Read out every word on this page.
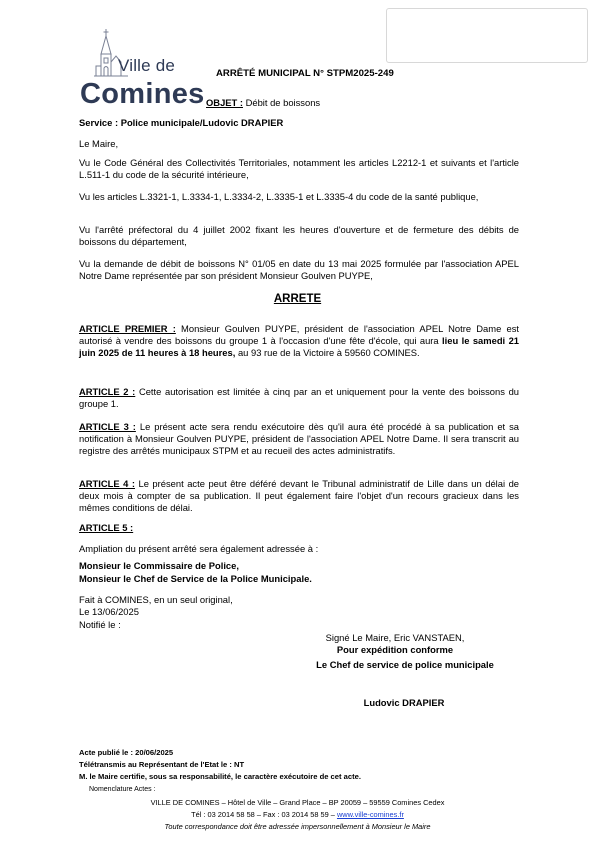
Ville de
Comines
ARRÊTÉ MUNICIPAL N° STPM2025-249
OBJET : Débit de boissons
Service : Police municipale/Ludovic DRAPIER
Le Maire,

Vu le Code Général des Collectivités Territoriales, notamment les articles L2212-1 et suivants et l'article L.511-1 du code de la sécurité intérieure,

Vu les articles L.3321-1, L.3334-1, L.3334-2, L.3335-1 et L.3335-4 du code de la santé publique,

Vu l'arrêté préfectoral du 4 juillet 2002 fixant les heures d'ouverture et de fermeture des débits de boissons du département,

Vu la demande de débit de boissons N° 01/05 en date du 13 mai 2025 formulée par l'association APEL Notre Dame représentée par son président Monsieur Goulven PUYPE,

ARRETE

ARTICLE PREMIER : Monsieur Goulven PUYPE, président de l'association APEL Notre Dame est autorisé à vendre des boissons du groupe 1 à l'occasion d'une fête d'école, qui aura lieu le samedi 21 juin 2025 de 11 heures à 18 heures, au 93 rue de la Victoire à 59560 COMINES.

ARTICLE 2 : Cette autorisation est limitée à cinq par an et uniquement pour la vente des boissons du groupe 1.

ARTICLE 3 : Le présent acte sera rendu exécutoire dès qu'il aura été procédé à sa publication et sa notification à Monsieur Goulven PUYPE, président de l'association APEL Notre Dame. Il sera transcrit au registre des arrêtés municipaux STPM et au recueil des actes administratifs.

ARTICLE 4 : Le présent acte peut être déféré devant le Tribunal administratif de Lille dans un délai de deux mois à compter de sa publication. Il peut également faire l'objet d'un recours gracieux dans les mêmes conditions de délai.

ARTICLE 5 :
Ampliation du présent arrêté sera également adressée à :
Monsieur le Commissaire de Police,
Monsieur le Chef de Service de la Police Municipale.
Fait à COMINES, en un seul original,
Le 13/06/2025
Notifié le :
Signé Le Maire, Eric VANSTAEN,
Pour expédition conforme
Le Chef de service de police municipale
Ludovic DRAPIER
Acte publié le : 20/06/2025
Télétransmis au Représentant de l'Etat le : NT
M. le Maire certifie, sous sa responsabilité, le caractère exécutoire de cet acte.
Nomenclature Actes :
VILLE DE COMINES – Hôtel de Ville – Grand Place – BP 20059 – 59559 Comines Cedex
Tél : 03 2014 58 58 – Fax : 03 2014 58 59 – www.ville-comines.fr
Toute correspondance doit être adressée impersonnellement à Monsieur le Maire
